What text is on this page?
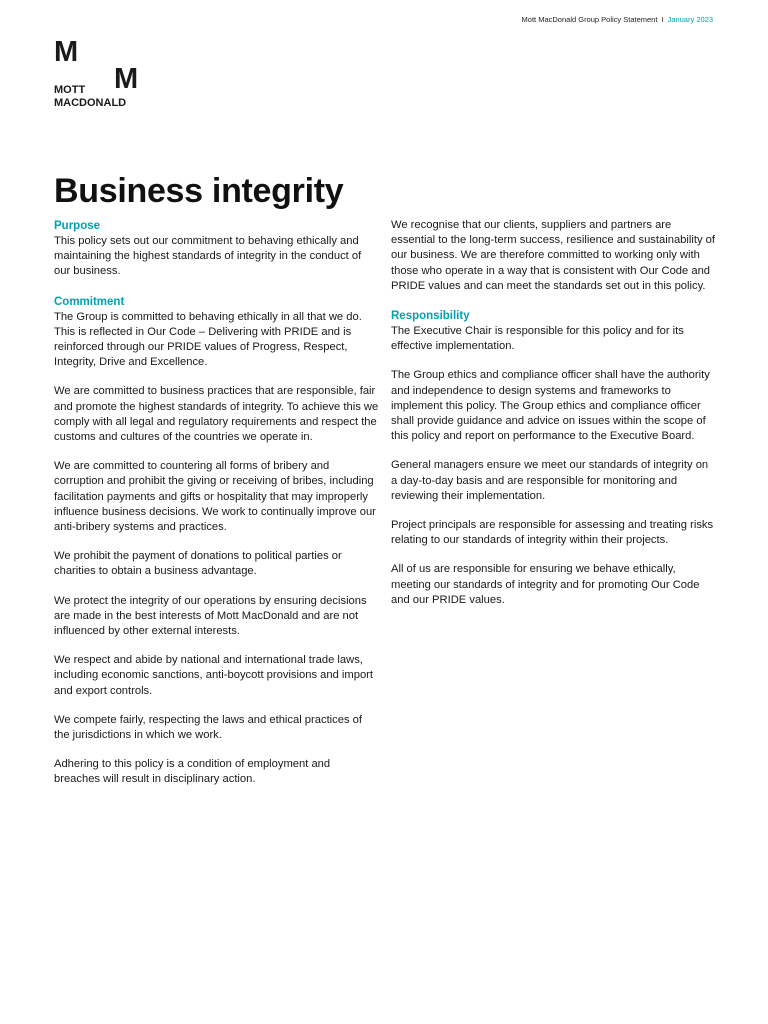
Mott MacDonald Group Policy Statement I January 2023
M
M
MOTT
MACDONALD
Business integrity

Purpose

This policy sets out our commitment to behaving ethically and maintaining the highest standards of integrity in the conduct of our business.

Commitment

The Group is committed to behaving ethically in all that we do. This is reflected in Our Code – Delivering with PRIDE and is reinforced through our PRIDE values of Progress, Respect, Integrity, Drive and Excellence.

We are committed to business practices that are responsible, fair and promote the highest standards of integrity. To achieve this we comply with all legal and regulatory requirements and respect the customs and cultures of the countries we operate in.

We are committed to countering all forms of bribery and corruption and prohibit the giving or receiving of bribes, including facilitation payments and gifts or hospitality that may improperly influence business decisions. We work to continually improve our anti-bribery systems and practices.

We prohibit the payment of donations to political parties or charities to obtain a business advantage.

We protect the integrity of our operations by ensuring decisions are made in the best interests of Mott MacDonald and are not influenced by other external interests.

We respect and abide by national and international trade laws, including economic sanctions, anti-boycott provisions and import and export controls.

We compete fairly, respecting the laws and ethical practices of the jurisdictions in which we work.

Adhering to this policy is a condition of employment and breaches will result in disciplinary action.

We recognise that our clients, suppliers and partners are essential to the long-term success, resilience and sustainability of our business. We are therefore committed to working only with those who operate in a way that is consistent with Our Code and PRIDE values and can meet the standards set out in this policy.

Responsibility

The Executive Chair is responsible for this policy and for its effective implementation.

The Group ethics and compliance officer shall have the authority and independence to design systems and frameworks to implement this policy. The Group ethics and compliance officer shall provide guidance and advice on issues within the scope of this policy and report on performance to the Executive Board.

General managers ensure we meet our standards of integrity on a day-to-day basis and are responsible for monitoring and reviewing their implementation.

Project principals are responsible for assessing and treating risks relating to our standards of integrity within their projects.

All of us are responsible for ensuring we behave ethically, meeting our standards of integrity and for promoting Our Code and our PRIDE values.
